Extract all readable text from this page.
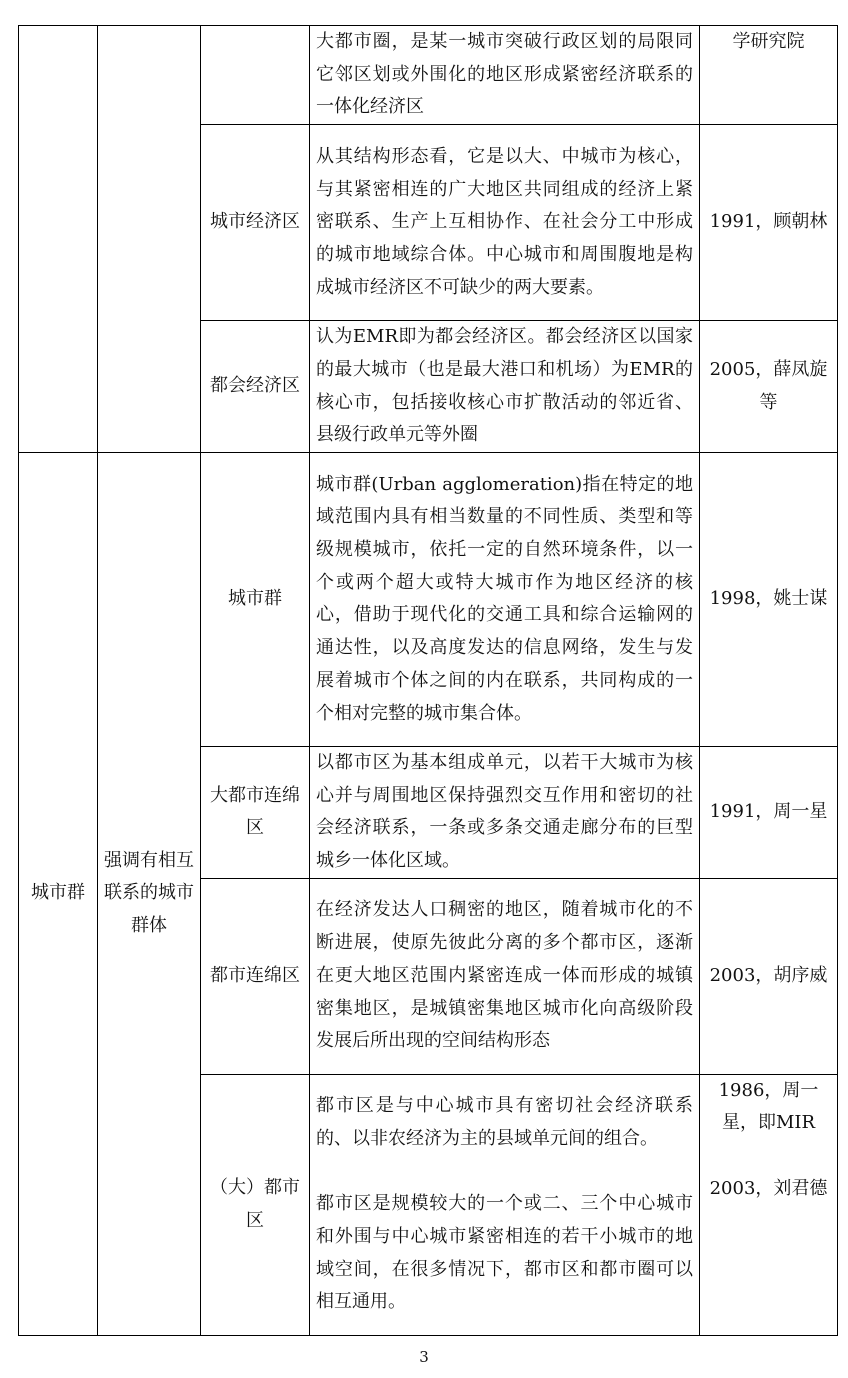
			大都市圈，是某一城市突破行政区划的局限同它邻区划或外围化的地区形成紧密经济联系的一体化经济区	学研究院

		城市经济区	从其结构形态看，它是以大、中城市为核心，与其紧密相连的广大地区共同组成的经济上紧密联系、生产上互相协作、在社会分工中形成的城市地域综合体。中心城市和周围腹地是构成城市经济区不可缺少的两大要素。	1991，顾朝林

		都会经济区	认为EMR即为都会经济区。都会经济区以国家的最大城市（也是最大港口和机场）为EMR的核心市，包括接收核心市扩散活动的邻近省、县级行政单元等外圈	2005，薛凤旋等

城市群	强调有相互联系的城市群体	城市群	城市群(Urban agglomeration)指在特定的地域范围内具有相当数量的不同性质、类型和等级规模城市，依托一定的自然环境条件，以一个或两个超大或特大城市作为地区经济的核心，借助于现代化的交通工具和综合运输网的通达性，以及高度发达的信息网络，发生与发展着城市个体之间的内在联系，共同构成的一个相对完整的城市集合体。	1998，姚士谋

		大都市连绵区	以都市区为基本组成单元，以若干大城市为核心并与周围地区保持强烈交互作用和密切的社会经济联系，一条或多条交通走廊分布的巨型城乡一体化区域。	1991，周一星

		都市连绵区	在经济发达人口稠密的地区，随着城市化的不断进展，使原先彼此分离的多个都市区，逐渐在更大地区范围内紧密连成一体而形成的城镇密集地区，是城镇密集地区城市化向高级阶段发展后所出现的空间结构形态	2003，胡序威

		（大）都市区	都市区是与中心城市具有密切社会经济联系的、以非农经济为主的县域单元间的组合。
都市区是规模较大的一个或二、三个中心城市和外围与中心城市紧密相连的若干小城市的地域空间，在很多情况下，都市区和都市圈可以相互通用。	1986，周一星，即MIR
2003，刘君德
3
